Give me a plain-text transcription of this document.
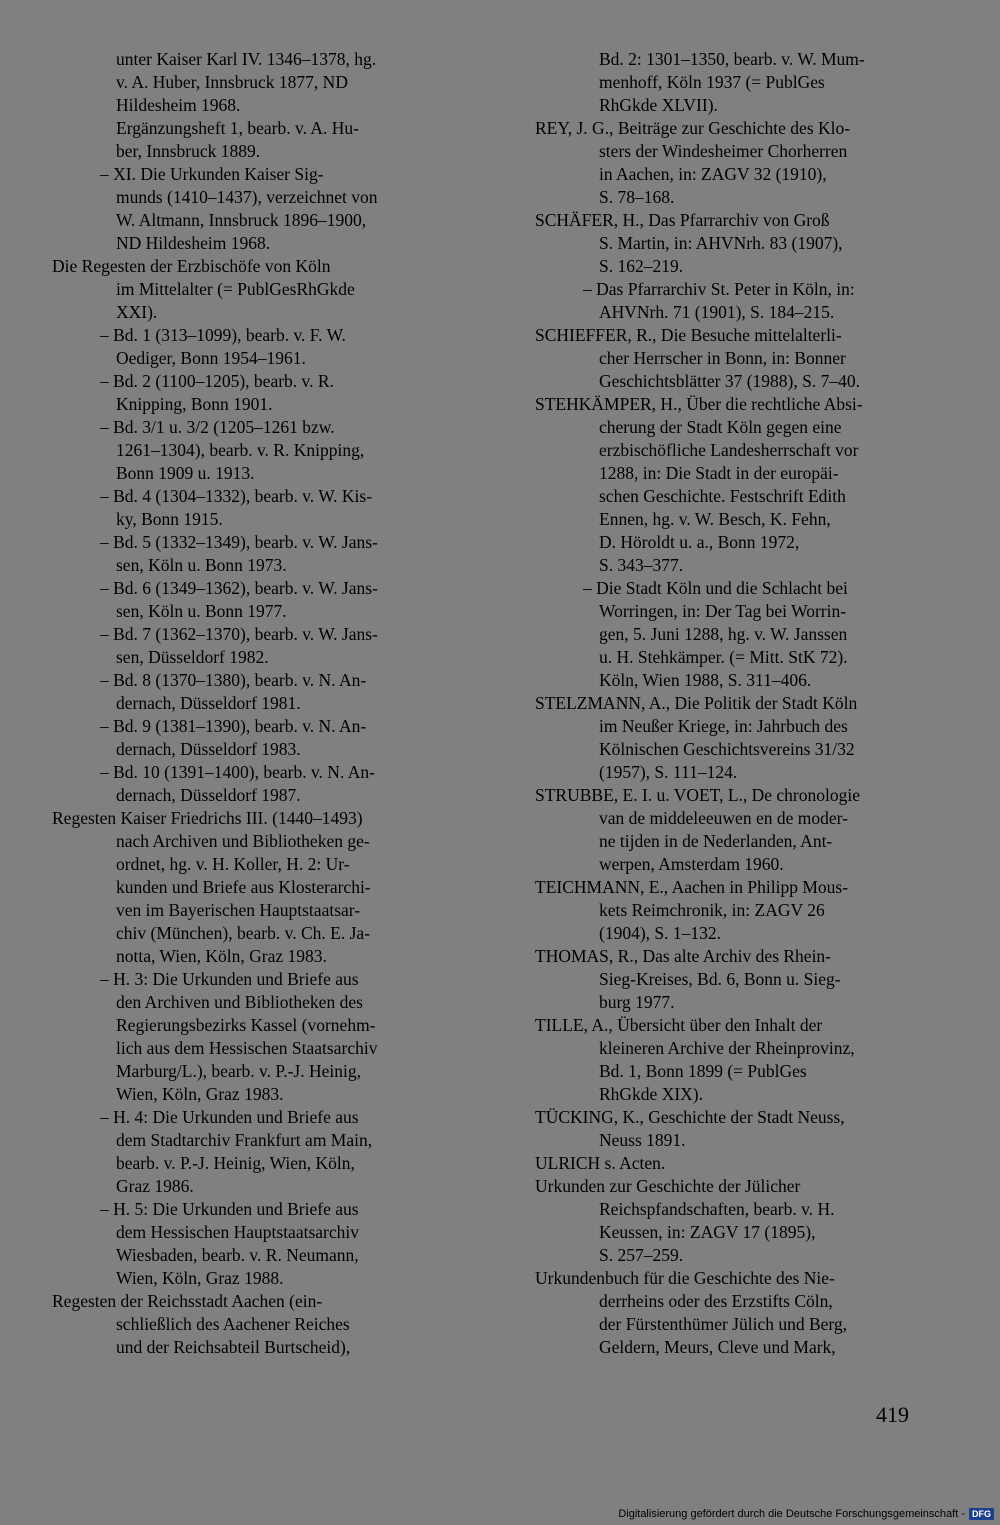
unter Kaiser Karl IV. 1346–1378, hg.
v. A. Huber, Innsbruck 1877, ND
Hildesheim 1968.
Ergänzungsheft 1, bearb. v. A. Hu-
ber, Innsbruck 1889.
– XI. Die Urkunden Kaiser Sig-
munds (1410–1437), verzeichnet von
W. Altmann, Innsbruck 1896–1900,
ND Hildesheim 1968.
Die Regesten der Erzbischöfe von Köln
im Mittelalter (= PublGesRhGkde
XXI).
– Bd. 1 (313–1099), bearb. v. F. W.
Oediger, Bonn 1954–1961.
– Bd. 2 (1100–1205), bearb. v. R.
Knipping, Bonn 1901.
– Bd. 3/1 u. 3/2 (1205–1261 bzw.
1261–1304), bearb. v. R. Knipping,
Bonn 1909 u. 1913.
– Bd. 4 (1304–1332), bearb. v. W. Kis-
ky, Bonn 1915.
– Bd. 5 (1332–1349), bearb. v. W. Jans-
sen, Köln u. Bonn 1973.
– Bd. 6 (1349–1362), bearb. v. W. Jans-
sen, Köln u. Bonn 1977.
– Bd. 7 (1362–1370), bearb. v. W. Jans-
sen, Düsseldorf 1982.
– Bd. 8 (1370–1380), bearb. v. N. An-
dernach, Düsseldorf 1981.
– Bd. 9 (1381–1390), bearb. v. N. An-
dernach, Düsseldorf 1983.
– Bd. 10 (1391–1400), bearb. v. N. An-
dernach, Düsseldorf 1987.
Regesten Kaiser Friedrichs III. (1440–1493)
nach Archiven und Bibliotheken ge-
ordnet, hg. v. H. Koller, H. 2: Ur-
kunden und Briefe aus Klosterarchi-
ven im Bayerischen Hauptstaatsar-
chiv (München), bearb. v. Ch. E. Ja-
notta, Wien, Köln, Graz 1983.
– H. 3: Die Urkunden und Briefe aus
den Archiven und Bibliotheken des
Regierungsbezirks Kassel (vornehm-
lich aus dem Hessischen Staatsarchiv
Marburg/L.), bearb. v. P.-J. Heinig,
Wien, Köln, Graz 1983.
– H. 4: Die Urkunden und Briefe aus
dem Stadtarchiv Frankfurt am Main,
bearb. v. P.-J. Heinig, Wien, Köln,
Graz 1986.
– H. 5: Die Urkunden und Briefe aus
dem Hessischen Hauptstaatsarchiv
Wiesbaden, bearb. v. R. Neumann,
Wien, Köln, Graz 1988.
Regesten der Reichsstadt Aachen (ein-
schließlich des Aachener Reiches
und der Reichsabteil Burtscheid),
Bd. 2: 1301–1350, bearb. v. W. Mum-
menhoff, Köln 1937 (= PublGes
RhGkde XLVII).
REY, J. G., Beiträge zur Geschichte des Klo-
sters der Windesheimer Chorherren
in Aachen, in: ZAGV 32 (1910),
S. 78–168.
SCHÄFER, H., Das Pfarrarchiv von Groß
S. Martin, in: AHVNrh. 83 (1907),
S. 162–219.
– Das Pfarrarchiv St. Peter in Köln, in:
AHVNrh. 71 (1901), S. 184–215.
SCHIEFFER, R., Die Besuche mittelalterli-
cher Herrscher in Bonn, in: Bonner
Geschichtsblätter 37 (1988), S. 7–40.
STEHKÄMPER, H., Über die rechtliche Absi-
cherung der Stadt Köln gegen eine
erzbischöfliche Landesherrschaft vor
1288, in: Die Stadt in der europäi-
schen Geschichte. Festschrift Edith
Ennen, hg. v. W. Besch, K. Fehn,
D. Höroldt u. a., Bonn 1972,
S. 343–377.
– Die Stadt Köln und die Schlacht bei
Worringen, in: Der Tag bei Worrin-
gen, 5. Juni 1288, hg. v. W. Janssen
u. H. Stehkämper. (= Mitt. StK 72).
Köln, Wien 1988, S. 311–406.
STELZMANN, A., Die Politik der Stadt Köln
im Neußer Kriege, in: Jahrbuch des
Kölnischen Geschichtsvereins 31/32
(1957), S. 111–124.
STRUBBE, E. I. u. VOET, L., De chronologie
van de middeleeuwen en de moder-
ne tijden in de Nederlanden, Ant-
werpen, Amsterdam 1960.
TEICHMANN, E., Aachen in Philipp Mous-
kets Reimchronik, in: ZAGV 26
(1904), S. 1–132.
THOMAS, R., Das alte Archiv des Rhein-
Sieg-Kreises, Bd. 6, Bonn u. Sieg-
burg 1977.
TILLE, A., Übersicht über den Inhalt der
kleineren Archive der Rheinprovinz,
Bd. 1, Bonn 1899 (= PublGes
RhGkde XIX).
TÜCKING, K., Geschichte der Stadt Neuss,
Neuss 1891.
ULRICH s. Acten.
Urkunden zur Geschichte der Jülicher
Reichspfandschaften, bearb. v. H.
Keussen, in: ZAGV 17 (1895),
S. 257–259.
Urkundenbuch für die Geschichte des Nie-
derrheins oder des Erzstifts Cöln,
der Fürstenthümer Jülich und Berg,
Geldern, Meurs, Cleve und Mark,
419
Digitalisierung gefördert durch die Deutsche Forschungsgemeinschaft - DFG
